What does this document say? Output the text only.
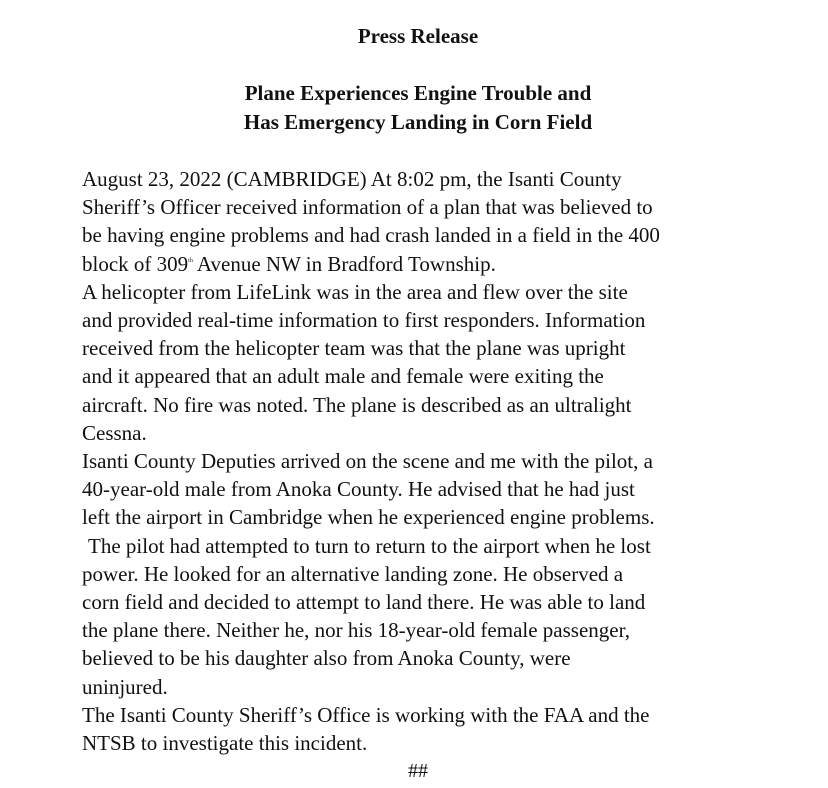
Press Release
Plane Experiences Engine Trouble and
Has Emergency Landing in Corn Field

August 23, 2022 (CAMBRIDGE) At 8:02 pm, the Isanti County
Sheriff’s Officer received information of a plan that was believed to
be having engine problems and had crash landed in a field in the 400
block of 309th Avenue NW in Bradford Township.

A helicopter from LifeLink was in the area and flew over the site
and provided real-time information to first responders. Information
received from the helicopter team was that the plane was upright
and it appeared that an adult male and female were exiting the
aircraft. No fire was noted. The plane is described as an ultralight
Cessna.

Isanti County Deputies arrived on the scene and me with the pilot, a
40-year-old male from Anoka County. He advised that he had just
left the airport in Cambridge when he experienced engine problems.
The pilot had attempted to turn to return to the airport when he lost
power. He looked for an alternative landing zone. He observed a
corn field and decided to attempt to land there. He was able to land
the plane there. Neither he, nor his 18-year-old female passenger,
believed to be his daughter also from Anoka County, were
uninjured.

The Isanti County Sheriff’s Office is working with the FAA and the
NTSB to investigate this incident.

##
